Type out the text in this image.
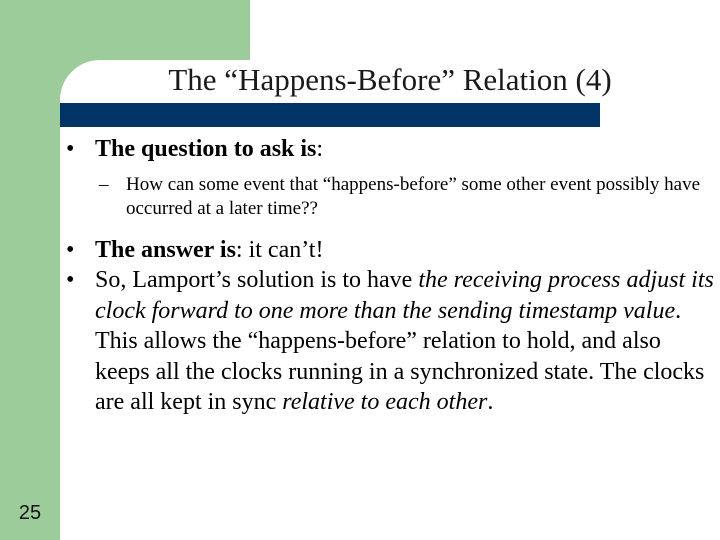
The “Happens-Before” Relation (4)
• The question to ask is:
– How can some event that “happens-before” some other event possibly have occurred at a later time??
• The answer is: it can’t!
• So, Lamport’s solution is to have the receiving process adjust its clock forward to one more than the sending timestamp value. This allows the “happens-before” relation to hold, and also keeps all the clocks running in a synchronized state. The clocks are all kept in sync relative to each other.
25
